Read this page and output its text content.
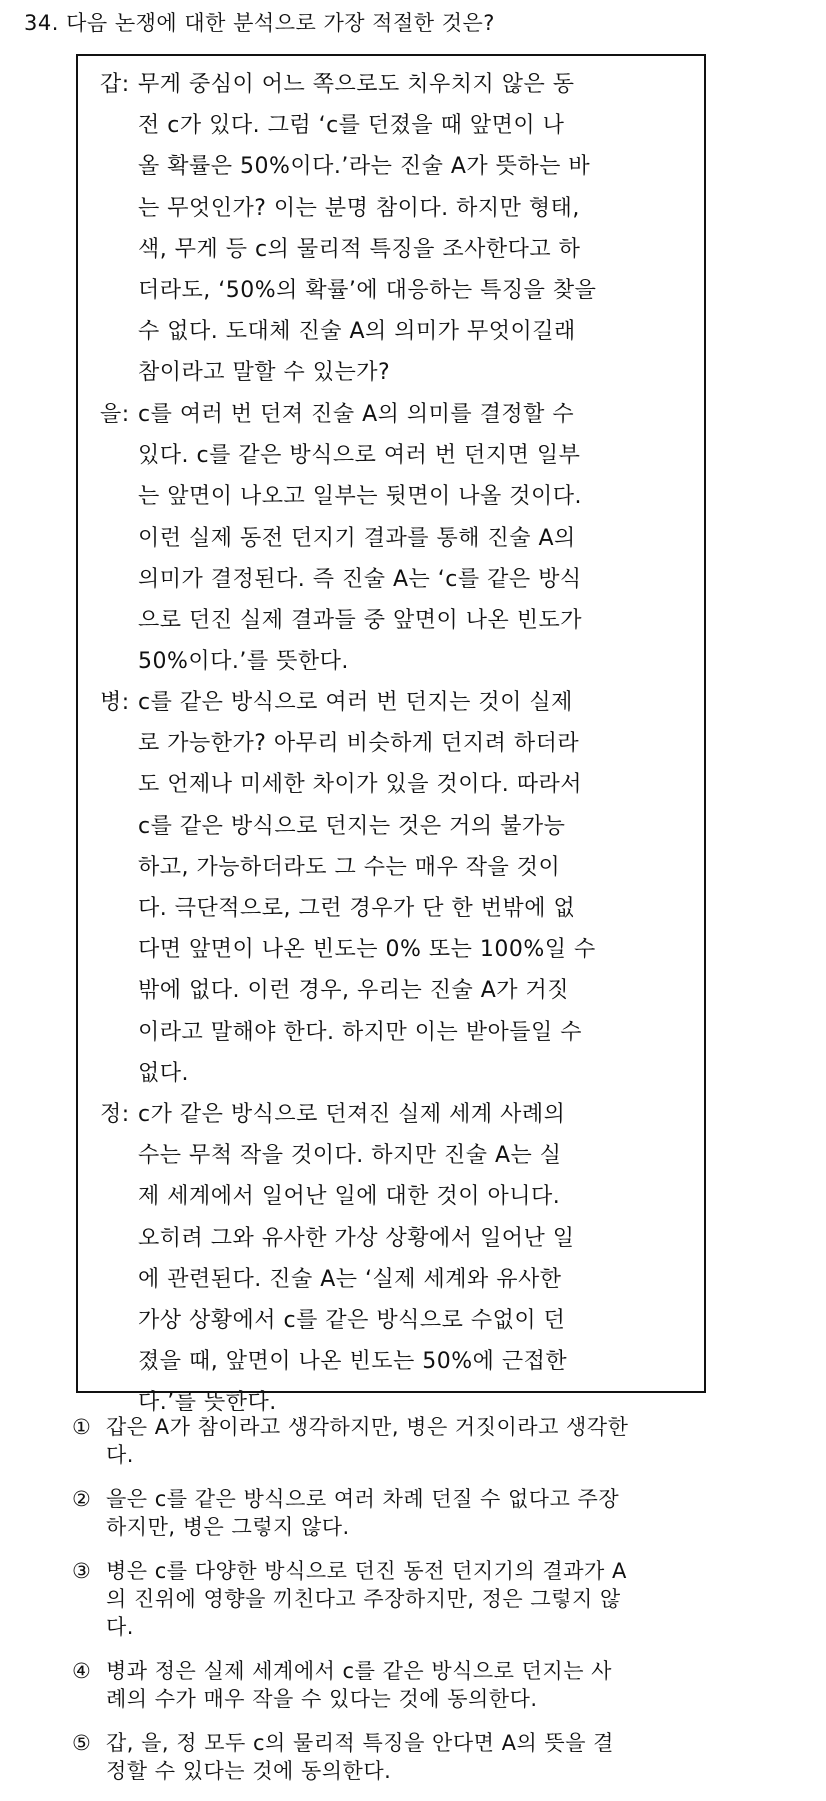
34. 다음 논쟁에 대한 분석으로 가장 적절한 것은?
갑: 무게 중심이 어느 쪽으로도 치우치지 않은 동
전 c가 있다. 그럼 ‘c를 던졌을 때 앞면이 나
올 확률은 50%이다.’라는 진술 A가 뜻하는 바
는 무엇인가? 이는 분명 참이다. 하지만 형태,
색, 무게 등 c의 물리적 특징을 조사한다고 하
더라도, ‘50%의 확률’에 대응하는 특징을 찾을
수 없다. 도대체 진술 A의 의미가 무엇이길래
참이라고 말할 수 있는가?
을: c를 여러 번 던져 진술 A의 의미를 결정할 수
있다. c를 같은 방식으로 여러 번 던지면 일부
는 앞면이 나오고 일부는 뒷면이 나올 것이다.
이런 실제 동전 던지기 결과를 통해 진술 A의
의미가 결정된다. 즉 진술 A는 ‘c를 같은 방식
으로 던진 실제 결과들 중 앞면이 나온 빈도가
50%이다.’를 뜻한다.
병: c를 같은 방식으로 여러 번 던지는 것이 실제
로 가능한가? 아무리 비슷하게 던지려 하더라
도 언제나 미세한 차이가 있을 것이다. 따라서
c를 같은 방식으로 던지는 것은 거의 불가능
하고, 가능하더라도 그 수는 매우 작을 것이
다. 극단적으로, 그런 경우가 단 한 번밖에 없
다면 앞면이 나온 빈도는 0% 또는 100%일 수
밖에 없다. 이런 경우, 우리는 진술 A가 거짓
이라고 말해야 한다. 하지만 이는 받아들일 수
없다.
정: c가 같은 방식으로 던져진 실제 세계 사례의
수는 무척 작을 것이다. 하지만 진술 A는 실
제 세계에서 일어난 일에 대한 것이 아니다.
오히려 그와 유사한 가상 상황에서 일어난 일
에 관련된다. 진술 A는 ‘실제 세계와 유사한
가상 상황에서 c를 같은 방식으로 수없이 던
졌을 때, 앞면이 나온 빈도는 50%에 근접한
다.’를 뜻한다.
① 갑은 A가 참이라고 생각하지만, 병은 거짓이라고 생각한
다.
② 을은 c를 같은 방식으로 여러 차례 던질 수 없다고 주장
하지만, 병은 그렇지 않다.
③ 병은 c를 다양한 방식으로 던진 동전 던지기의 결과가 A
의 진위에 영향을 끼친다고 주장하지만, 정은 그렇지 않
다.
④ 병과 정은 실제 세계에서 c를 같은 방식으로 던지는 사
례의 수가 매우 작을 수 있다는 것에 동의한다.
⑤ 갑, 을, 정 모두 c의 물리적 특징을 안다면 A의 뜻을 결
정할 수 있다는 것에 동의한다.
